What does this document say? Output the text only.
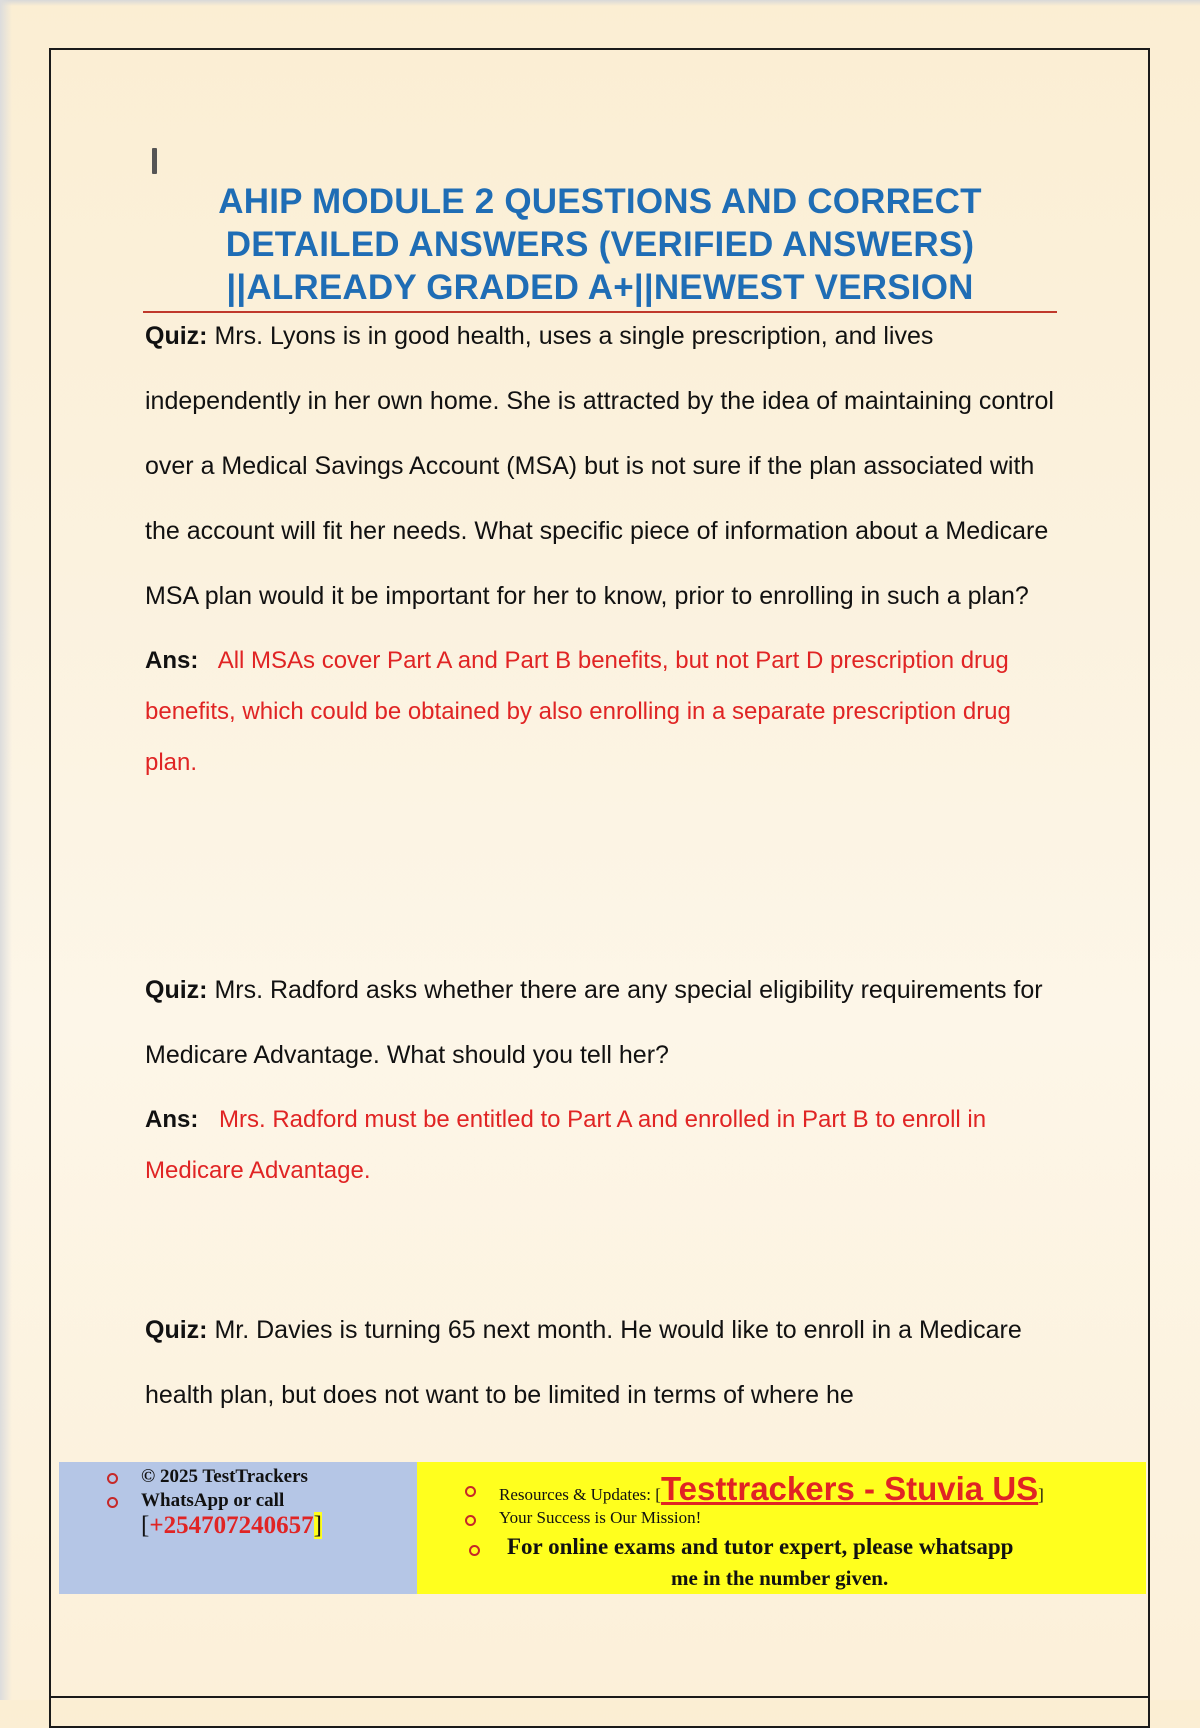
AHIP MODULE 2 QUESTIONS AND CORRECT
DETAILED ANSWERS (VERIFIED ANSWERS)
||ALREADY GRADED A+||NEWEST VERSION
Quiz: Mrs. Lyons is in good health, uses a single prescription, and lives independently in her own home. She is attracted by the idea of maintaining control over a Medical Savings Account (MSA) but is not sure if the plan associated with the account will fit her needs. What specific piece of information about a Medicare MSA plan would it be important for her to know, prior to enrolling in such a plan?
Ans: All MSAs cover Part A and Part B benefits, but not Part D prescription drug benefits, which could be obtained by also enrolling in a separate prescription drug plan.
Quiz: Mrs. Radford asks whether there are any special eligibility requirements for Medicare Advantage. What should you tell her?
Ans: Mrs. Radford must be entitled to Part A and enrolled in Part B to enroll in Medicare Advantage.
Quiz: Mr. Davies is turning 65 next month. He would like to enroll in a Medicare health plan, but does not want to be limited in terms of where he
© 2025 TestTrackers
WhatsApp or call
[+254707240657]
Resources & Updates: [Testtrackers - Stuvia US]
Your Success is Our Mission!
For online exams and tutor expert, please whatsapp
me in the number given.
